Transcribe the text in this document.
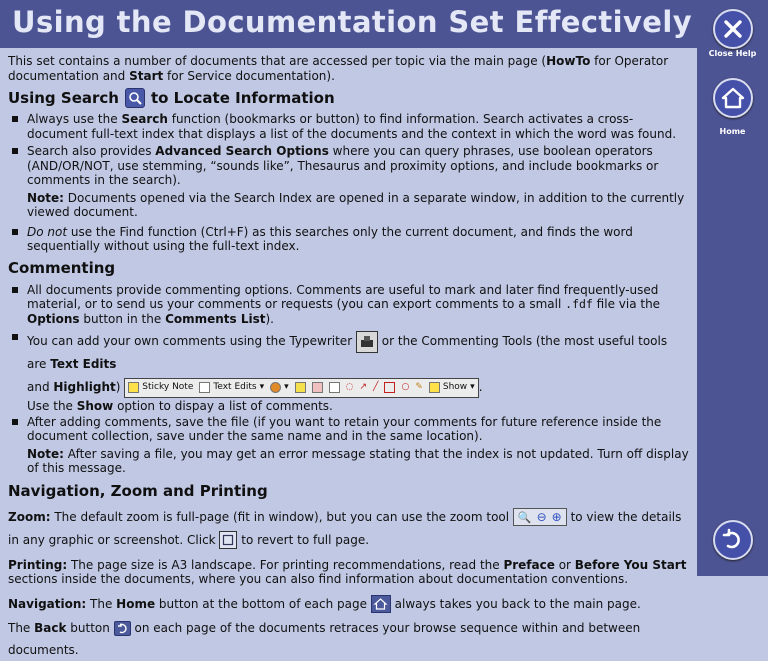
Using the Documentation Set Effectively
This set contains a number of documents that are accessed per topic via the main page (HowTo for Operator documentation and Start for Service documentation).
Using Search to Locate Information
Always use the Search function (bookmarks or button) to find information. Search activates a cross-document full-text index that displays a list of the documents and the context in which the word was found.
Search also provides Advanced Search Options where you can query phrases, use boolean operators (AND/OR/NOT, use stemming, “sounds like”, Thesaurus and proximity options, and include bookmarks or comments in the search).
Note: Documents opened via the Search Index are opened in a separate window, in addition to the currently viewed document.
Do not use the Find function (Ctrl+F) as this searches only the current document, and finds the word sequentially without using the full-text index.
Commenting
All documents provide commenting options. Comments are useful to mark and later find frequently-used material, or to send us your comments or requests (you can export comments to a small .fdf file via the Options button in the Comments List).
You can add your own comments using the Typewriter
or the Commenting Tools (the most useful tools are Text Edits
and Highlight) Sticky Note Text Edits ▾ ▾	◌ ↗ ╱	○ ✎ Show ▾ .
Use the Show option to dispay a list of comments.
After adding comments, save the file (if you want to retain your comments for future reference inside the document collection, save under the same name and in the same location).
Note: After saving a file, you may get an error message stating that the index is not updated. Turn off display of this message.
Navigation, Zoom and Printing
Zoom: The default zoom is full-page (fit in window), but you can use the zoom tool 🔍 ⊖ ⊕ to view the details in any graphic or screenshot. Click
to revert to full page.
Printing: The page size is A3 landscape. For printing recommendations, read the Preface or Before You Start sections inside the documents, where you can also find information about documentation conventions.
Navigation: The Home button at the bottom of each page
always takes you back to the main page.
The Back button
on each page of the documents retraces your browse sequence within and between documents.
Close Help
Home
